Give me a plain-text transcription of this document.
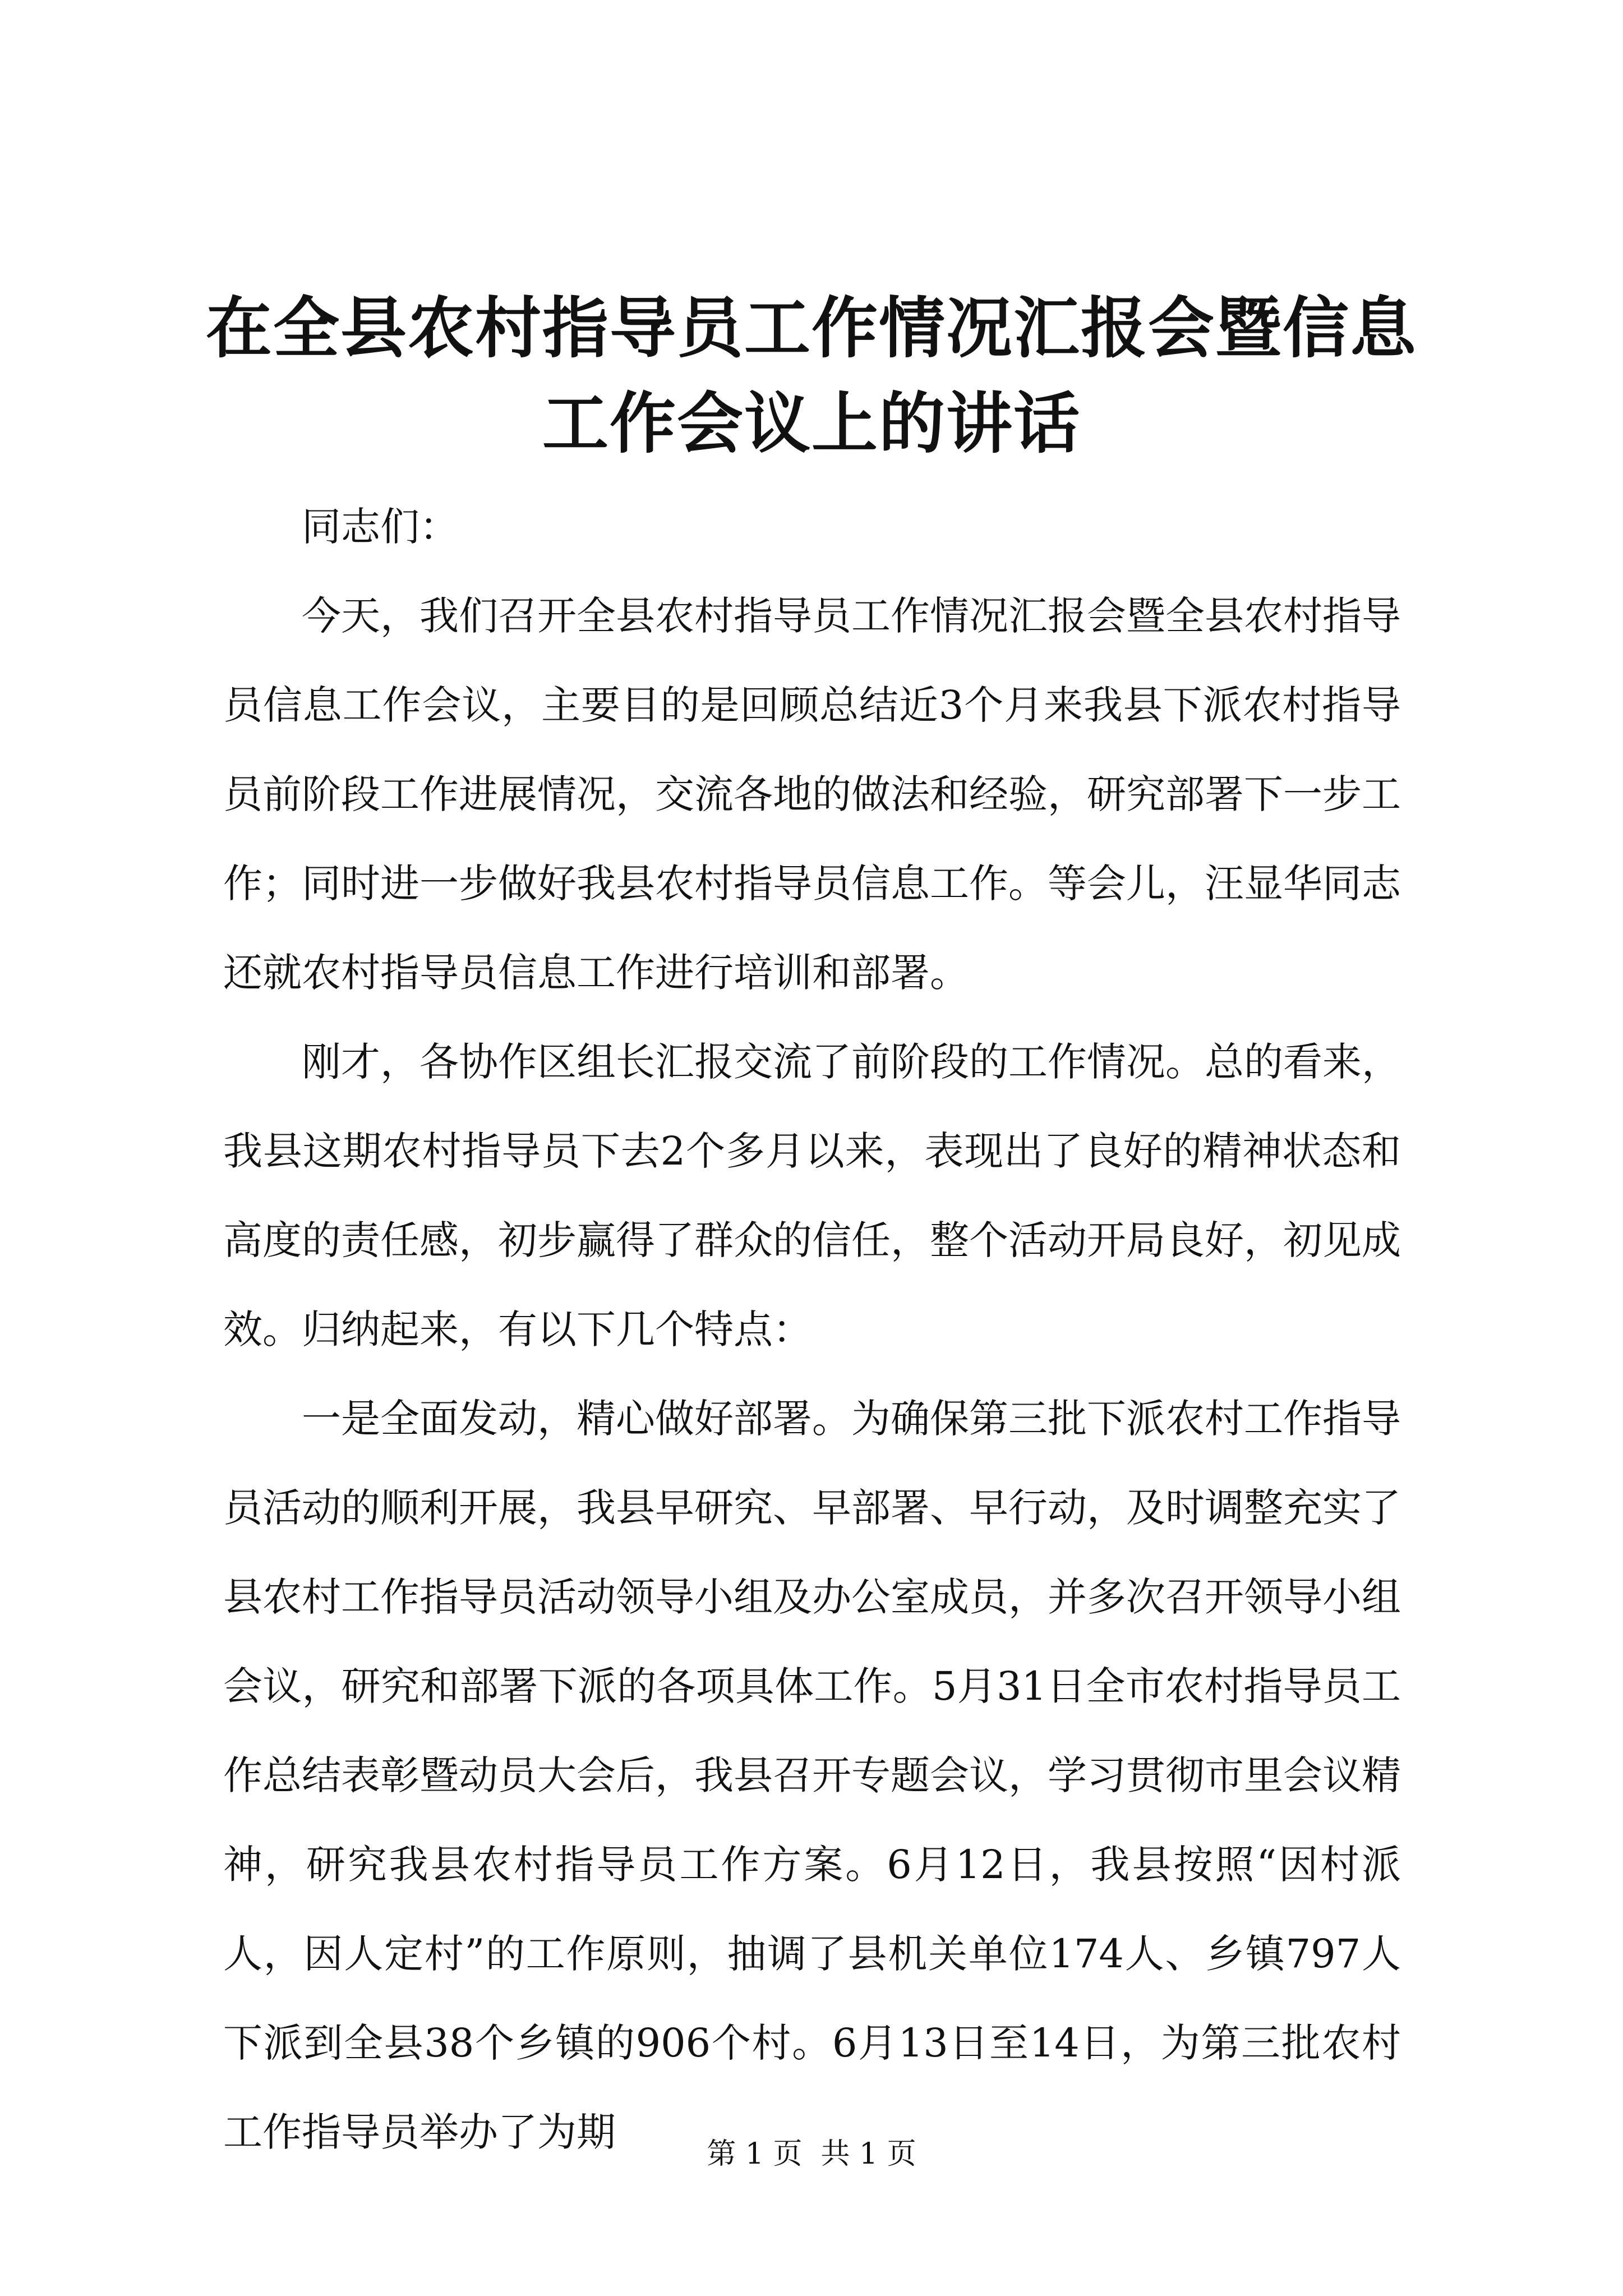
在全县农村指导员工作情况汇报会暨信息工作会议上的讲话

同志们：

今天，我们召开全县农村指导员工作情况汇报会暨全县农村指导员信息工作会议，主要目的是回顾总结近3个月来我县下派农村指导员前阶段工作进展情况，交流各地的做法和经验，研究部署下一步工作；同时进一步做好我县农村指导员信息工作。等会儿，汪显华同志还就农村指导员信息工作进行培训和部署。

刚才，各协作区组长汇报交流了前阶段的工作情况。总的看来，我县这期农村指导员下去2个多月以来，表现出了良好的精神状态和高度的责任感，初步赢得了群众的信任，整个活动开局良好，初见成效。归纳起来，有以下几个特点：

一是全面发动，精心做好部署。为确保第三批下派农村工作指导员活动的顺利开展，我县早研究、早部署、早行动，及时调整充实了县农村工作指导员活动领导小组及办公室成员，并多次召开领导小组会议，研究和部署下派的各项具体工作。5月31日全市农村指导员工作总结表彰暨动员大会后，我县召开专题会议，学习贯彻市里会议精神，研究我县农村指导员工作方案。6月12日，我县按照“因村派人，因人定村”的工作原则，抽调了县机关单位174人、乡镇797人下派到全县38个乡镇的906个村。6月13日至14日，为第三批农村工作指导员举办了为期	第 1 页  共 1 页
